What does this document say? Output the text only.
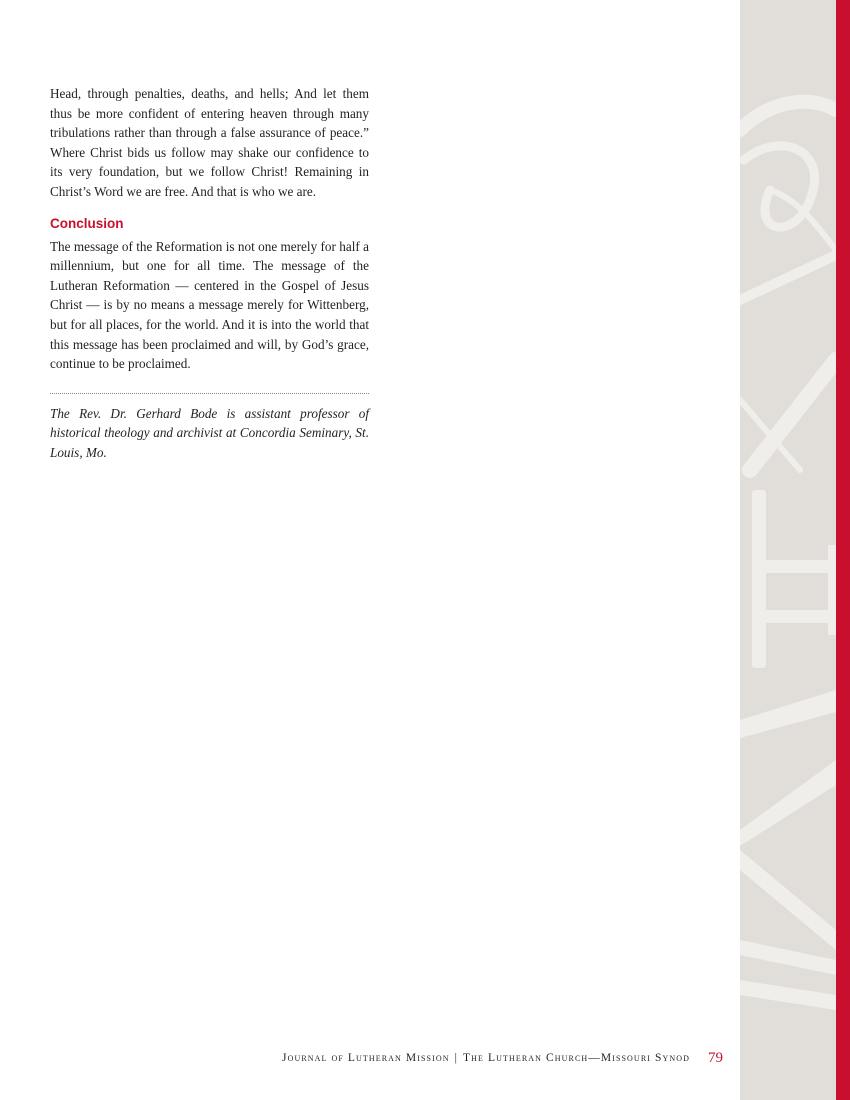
Head, through penalties, deaths, and hells; And let them thus be more confident of entering heaven through many tribulations rather than through a false assurance of peace.” Where Christ bids us follow may shake our confidence to its very foundation, but we follow Christ! Remaining in Christ’s Word we are free. And that is who we are.

Conclusion

The message of the Reformation is not one merely for half a millennium, but one for all time. The message of the Lutheran Reformation — centered in the Gospel of Jesus Christ — is by no means a message merely for Wittenberg, but for all places, for the world. And it is into the world that this message has been proclaimed and will, by God’s grace, continue to be proclaimed.

The Rev. Dr. Gerhard Bode is assistant professor of historical theology and archivist at Concordia Seminary, St. Louis, Mo.

Journal of Lutheran Mission | The Lutheran Church—Missouri Synod 79
